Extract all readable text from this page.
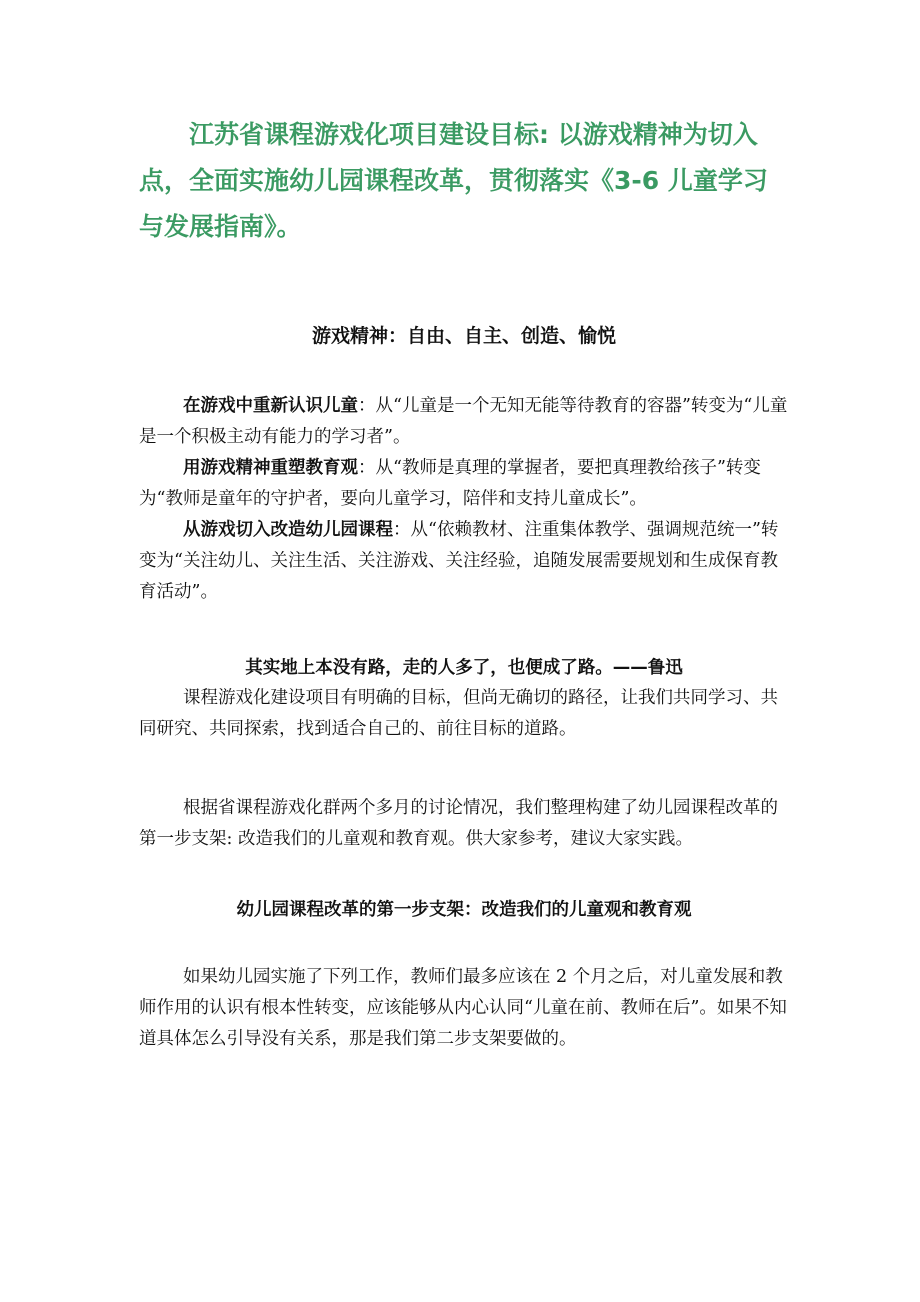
江苏省课程游戏化项目建设目标: 以游戏精神为切入点，全面实施幼儿园课程改革，贯彻落实《3-6 儿童学习与发展指南》。

游戏精神：自由、自主、创造、愉悦

在游戏中重新认识儿童：从“儿童是一个无知无能等待教育的容器”转变为“儿童是一个积极主动有能力的学习者”。

用游戏精神重塑教育观：从“教师是真理的掌握者，要把真理教给孩子”转变为“教师是童年的守护者，要向儿童学习，陪伴和支持儿童成长”。

从游戏切入改造幼儿园课程：从“依赖教材、注重集体教学、强调规范统一”转变为“关注幼儿、关注生活、关注游戏、关注经验，追随发展需要规划和生成保育教育活动”。

其实地上本没有路，走的人多了，也便成了路。——鲁迅

课程游戏化建设项目有明确的目标，但尚无确切的路径，让我们共同学习、共同研究、共同探索，找到适合自己的、前往目标的道路。

根据省课程游戏化群两个多月的讨论情况，我们整理构建了幼儿园课程改革的第一步支架: 改造我们的儿童观和教育观。供大家参考，建议大家实践。

幼儿园课程改革的第一步支架：改造我们的儿童观和教育观

如果幼儿园实施了下列工作，教师们最多应该在 2 个月之后，对儿童发展和教师作用的认识有根本性转变，应该能够从内心认同“儿童在前、教师在后”。如果不知道具体怎么引导没有关系，那是我们第二步支架要做的。
